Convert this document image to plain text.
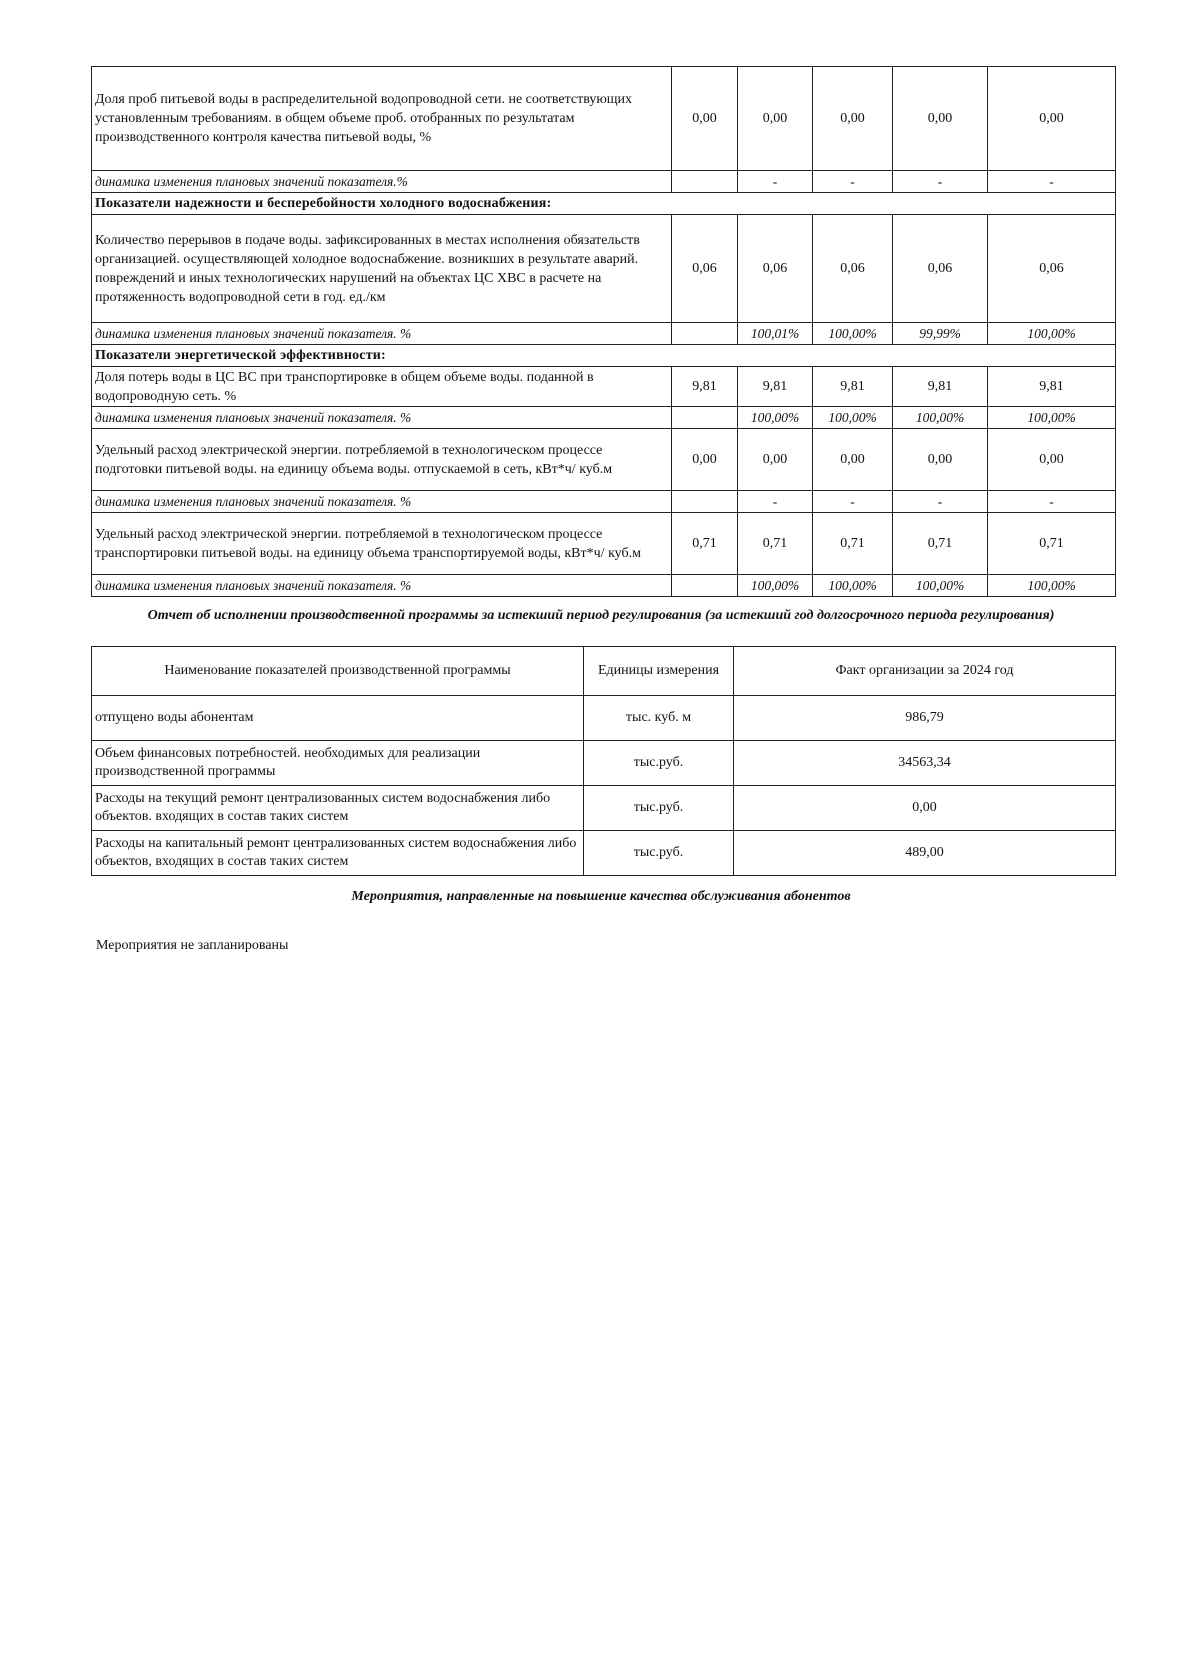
Доля проб питьевой воды в распределительной водопроводной сети. не соответствующих установленным требованиям. в общем объеме проб. отобранных по результатам производственного контроля качества питьевой воды, %	0,00	0,00	0,00	0,00	0,00
динамика изменения плановых значений показателя.%		-	-	-	-
Показатели надежности и бесперебойности холодного водоснабжения:					
Количество перерывов в подаче воды. зафиксированных в местах исполнения обязательств организацией. осуществляющей холодное водоснабжение. возникших в результате аварий. повреждений и иных технологических нарушений на объектах ЦС ХВС в расчете на протяженность водопроводной сети в год. ед./км	0,06	0,06	0,06	0,06	0,06
динамика изменения плановых значений показателя. %		100,01%	100,00%	99,99%	100,00%
Показатели энергетической эффективности:					
Доля потерь воды в ЦС ВС при транспортировке в общем объеме воды. поданной в водопроводную сеть. %	9,81	9,81	9,81	9,81	9,81
динамика изменения плановых значений показателя. %		100,00%	100,00%	100,00%	100,00%
Удельный расход электрической энергии. потребляемой в технологическом процессе подготовки питьевой воды. на единицу объема воды. отпускаемой в сеть, кВт*ч/ куб.м	0,00	0,00	0,00	0,00	0,00
динамика изменения плановых значений показателя. %		-	-	-	-
Удельный расход электрической энергии. потребляемой в технологическом процессе транспортировки питьевой воды. на единицу объема транспортируемой воды, кВт*ч/ куб.м	0,71	0,71	0,71	0,71	0,71
динамика изменения плановых значений показателя. %		100,00%	100,00%	100,00%	100,00%
Отчет об исполнении производственной программы за истекший период регулирования (за истекший год долгосрочного периода регулирования)
Наименование показателей производственной программы	Единицы измерения	Факт организации за 2024 год
отпущено воды абонентам	тыс. куб. м	986,79
Объем финансовых потребностей. необходимых для реализации производственной программы	тыс.руб.	34563,34
Расходы на текущий ремонт централизованных систем водоснабжения либо объектов. входящих в состав таких систем	тыс.руб.	0,00
Расходы на капитальный ремонт централизованных систем водоснабжения либо объектов, входящих в состав таких систем	тыс.руб.	489,00
Мероприятия, направленные на повышение качества обслуживания абонентов
Мероприятия не запланированы
